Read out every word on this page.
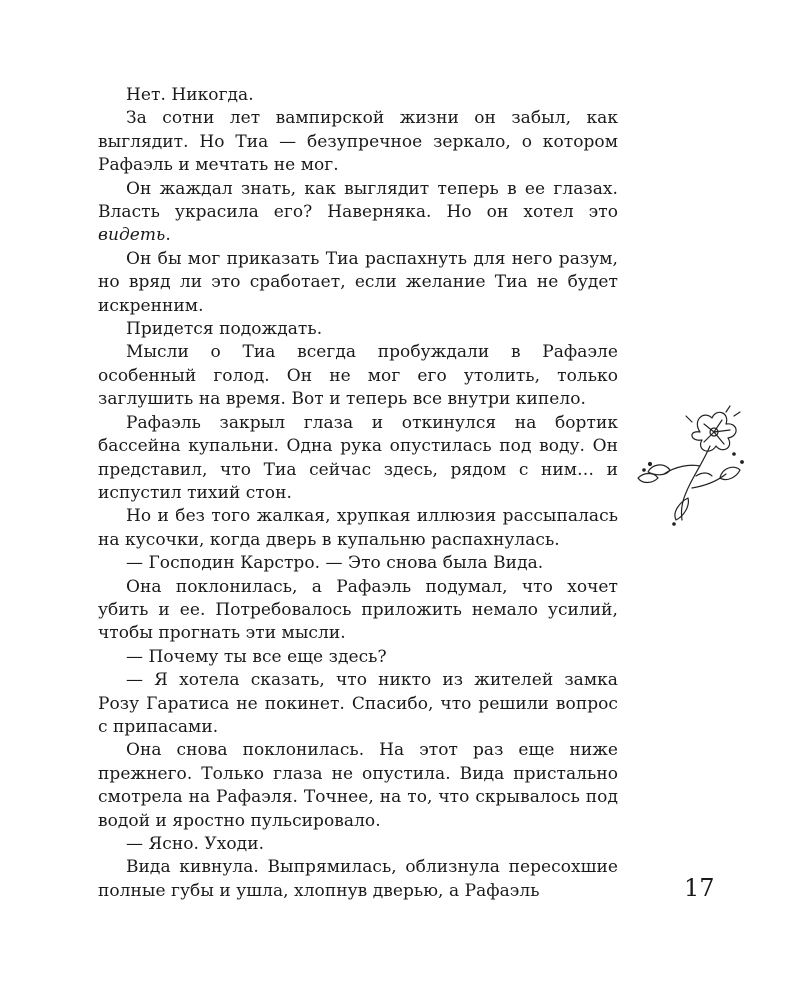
Нет. Никогда.

За сотни лет вампирской жизни он забыл, как выглядит. Но Тиа — безупречное зеркало, о котором Рафаэль и мечтать не мог.

Он жаждал знать, как выглядит теперь в ее глазах. Власть украсила его? Наверняка. Но он хотел это видеть.

Он бы мог приказать Тиа распахнуть для него разум, но вряд ли это сработает, если желание Тиа не будет искренним.

Придется подождать.

Мысли о Тиа всегда пробуждали в Рафаэле особенный голод. Он не мог его утолить, только заглушить на время. Вот и теперь все внутри кипело.

Рафаэль закрыл глаза и откинулся на бортик бассейна купальни. Одна рука опустилась под воду. Он представил, что Тиа сейчас здесь, рядом с ним… и испустил тихий стон.

Но и без того жалкая, хрупкая иллюзия рассыпалась на кусочки, когда дверь в купальню распахнулась.

— Господин Карстро. — Это снова была Вида.

Она поклонилась, а Рафаэль подумал, что хочет убить и ее. Потребовалось приложить немало усилий, чтобы прогнать эти мысли.

— Почему ты все еще здесь?

— Я хотела сказать, что никто из жителей замка Розу Гаратиса не покинет. Спасибо, что решили вопрос с припасами.

Она снова поклонилась. На этот раз еще ниже прежнего. Только глаза не опустила. Вида пристально смотрела на Рафаэля. Точнее, на то, что скрывалось под водой и яростно пульсировало.

— Ясно. Уходи.

Вида кивнула. Выпрямилась, облизнула пересохшие полные губы и ушла, хлопнув дверью, а Рафаэль	17
